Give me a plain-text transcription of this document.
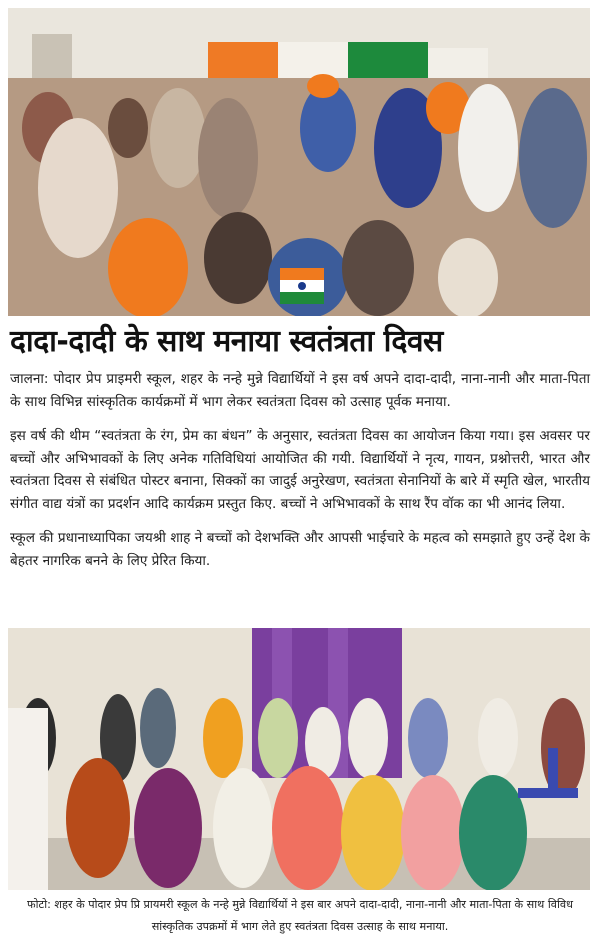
दादा-दादी के साथ मनाया स्वतंत्रता दिवस

जालना: पोदार प्रेप प्राइमरी स्कूल, शहर के नन्हे मुन्ने विद्यार्थियों ने इस वर्ष अपने दादा-दादी, नाना-नानी और माता-पिता के साथ विभिन्न सांस्कृतिक कार्यक्रमों में भाग लेकर स्वतंत्रता दिवस को उत्साह पूर्वक मनाया.

इस वर्ष की थीम “स्वतंत्रता के रंग, प्रेम का बंधन” के अनुसार, स्वतंत्रता दिवस का आयोजन किया गया। इस अवसर पर बच्चों और अभिभावकों के लिए अनेक गतिविधियां आयोजित की गयी. विद्यार्थियों ने नृत्य, गायन, प्रश्नोत्तरी, भारत और स्वतंत्रता दिवस से संबंधित पोस्टर बनाना, सिक्कों का जादुई अनुरेखण, स्वतंत्रता सेनानियों के बारे में स्मृति खेल, भारतीय संगीत वाद्य यंत्रों का प्रदर्शन आदि कार्यक्रम प्रस्तुत किए. बच्चों ने अभिभावकों के साथ रैंप वॉक का भी आनंद लिया.

स्कूल की प्रधानाध्यापिका जयश्री शाह ने बच्चों को देशभक्ति और आपसी भाईचारे के महत्व को समझाते हुए उन्हें देश के बेहतर नागरिक बनने के लिए प्रेरित किया.

फोटो: शहर के पोदार प्रेप प्रि प्रायमरी स्कूल के नन्हे मुन्ने विद्यार्थियों ने इस बार अपने दादा-दादी, नाना-नानी और माता-पिता के साथ विविध सांस्कृतिक उपक्रमों में भाग लेते हुए स्वतंत्रता दिवस उत्साह के साथ मनाया.
